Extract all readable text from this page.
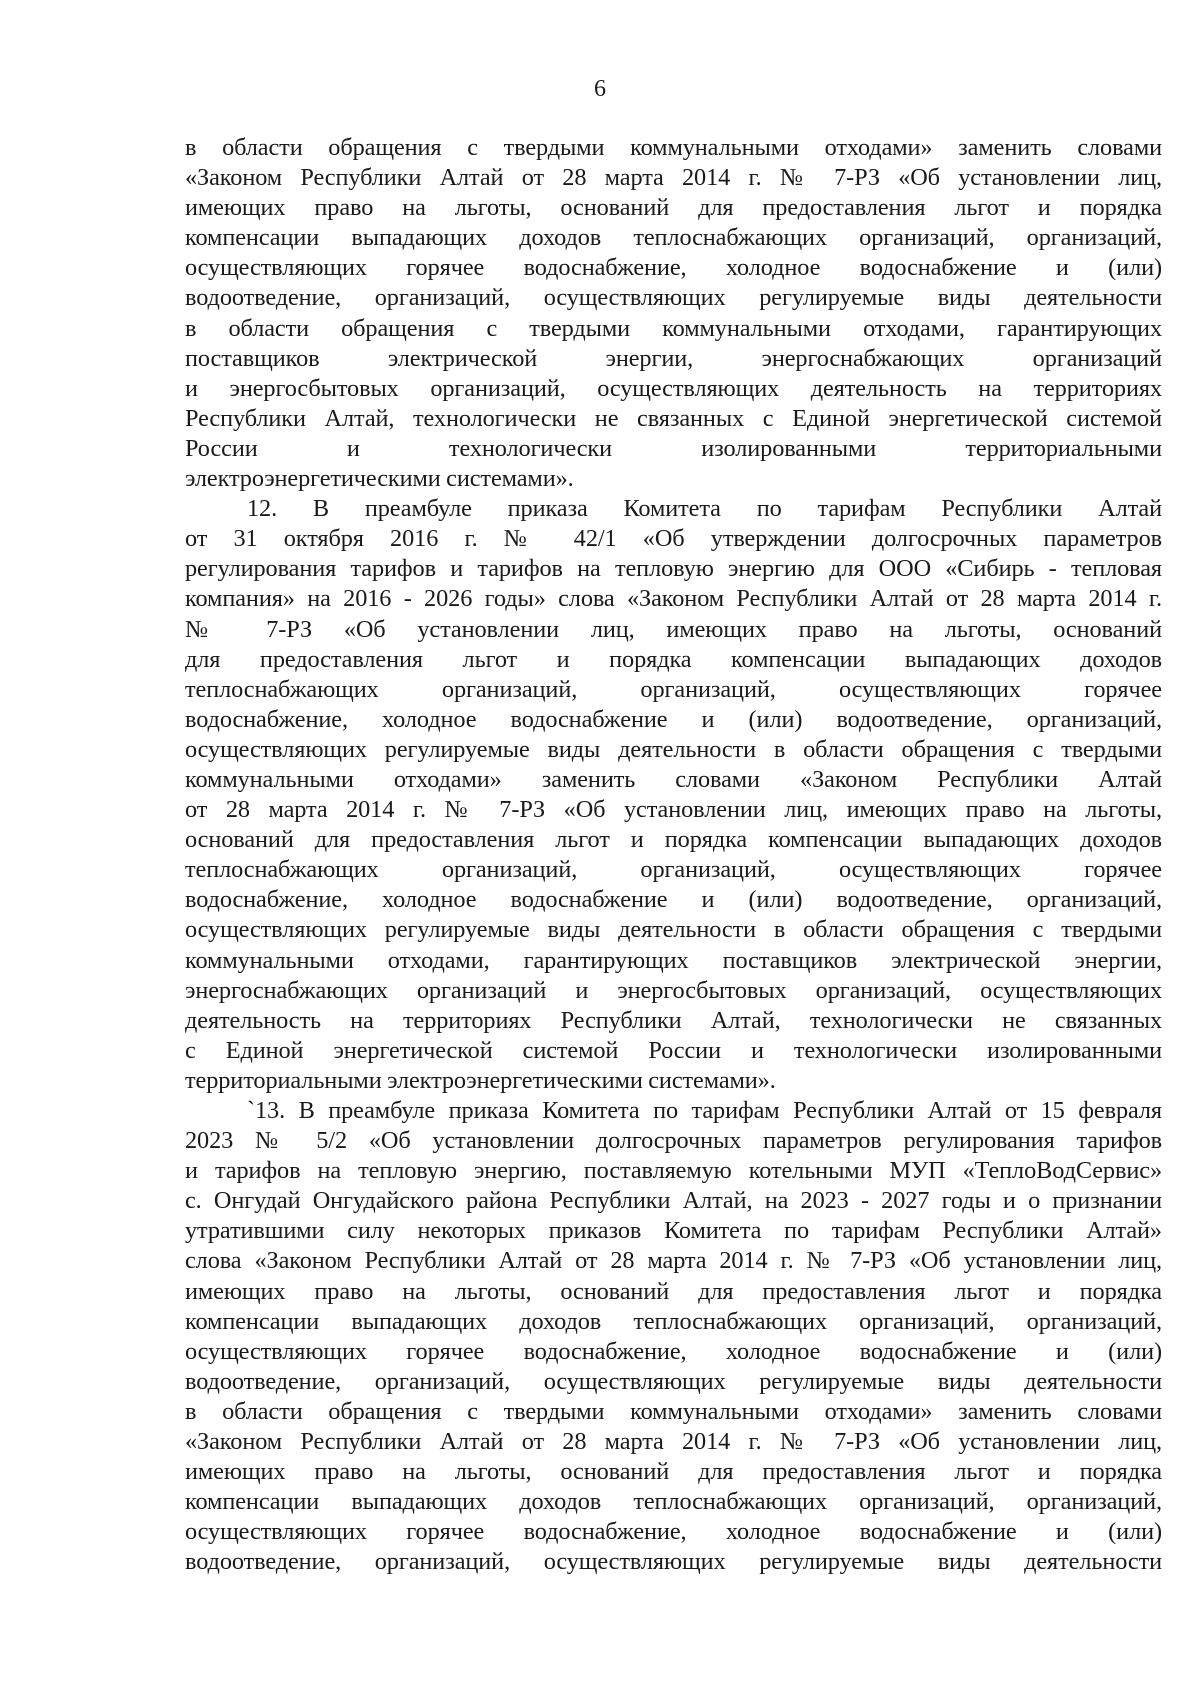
6
в области обращения с твердыми коммунальными отходами» заменить словами
«Законом Республики Алтай от 28 марта 2014 г. № 7-РЗ «Об установлении лиц,
имеющих право на льготы, оснований для предоставления льгот и порядка
компенсации выпадающих доходов теплоснабжающих организаций, организаций,
осуществляющих горячее водоснабжение, холодное водоснабжение и (или)
водоотведение, организаций, осуществляющих регулируемые виды деятельности
в области обращения с твердыми коммунальными отходами, гарантирующих
поставщиков электрической энергии, энергоснабжающих организаций
и энергосбытовых организаций, осуществляющих деятельность на территориях
Республики Алтай, технологически не связанных с Единой энергетической системой
России и технологически изолированными территориальными
электроэнергетическими системами».
12. В преамбуле приказа Комитета по тарифам Республики Алтай
от 31 октября 2016 г. № 42/1 «Об утверждении долгосрочных параметров
регулирования тарифов и тарифов на тепловую энергию для ООО «Сибирь - тепловая
компания» на 2016 - 2026 годы» слова «Законом Республики Алтай от 28 марта 2014 г.
№ 7-РЗ «Об установлении лиц, имеющих право на льготы, оснований
для предоставления льгот и порядка компенсации выпадающих доходов
теплоснабжающих организаций, организаций, осуществляющих горячее
водоснабжение, холодное водоснабжение и (или) водоотведение, организаций,
осуществляющих регулируемые виды деятельности в области обращения с твердыми
коммунальными отходами» заменить словами «Законом Республики Алтай
от 28 марта 2014 г. № 7-РЗ «Об установлении лиц, имеющих право на льготы,
оснований для предоставления льгот и порядка компенсации выпадающих доходов
теплоснабжающих организаций, организаций, осуществляющих горячее
водоснабжение, холодное водоснабжение и (или) водоотведение, организаций,
осуществляющих регулируемые виды деятельности в области обращения с твердыми
коммунальными отходами, гарантирующих поставщиков электрической энергии,
энергоснабжающих организаций и энергосбытовых организаций, осуществляющих
деятельность на территориях Республики Алтай, технологически не связанных
с Единой энергетической системой России и технологически изолированными
территориальными электроэнергетическими системами».
`13. В преамбуле приказа Комитета по тарифам Республики Алтай от 15 февраля
2023 № 5/2 «Об установлении долгосрочных параметров регулирования тарифов
и тарифов на тепловую энергию, поставляемую котельными МУП «ТеплоВодСервис»
с. Онгудай Онгудайского района Республики Алтай, на 2023 - 2027 годы и о признании
утратившими силу некоторых приказов Комитета по тарифам Республики Алтай»
слова «Законом Республики Алтай от 28 марта 2014 г. № 7-РЗ «Об установлении лиц,
имеющих право на льготы, оснований для предоставления льгот и порядка
компенсации выпадающих доходов теплоснабжающих организаций, организаций,
осуществляющих горячее водоснабжение, холодное водоснабжение и (или)
водоотведение, организаций, осуществляющих регулируемые виды деятельности
в области обращения с твердыми коммунальными отходами» заменить словами
«Законом Республики Алтай от 28 марта 2014 г. № 7-РЗ «Об установлении лиц,
имеющих право на льготы, оснований для предоставления льгот и порядка
компенсации выпадающих доходов теплоснабжающих организаций, организаций,
осуществляющих горячее водоснабжение, холодное водоснабжение и (или)
водоотведение, организаций, осуществляющих регулируемые виды деятельности
